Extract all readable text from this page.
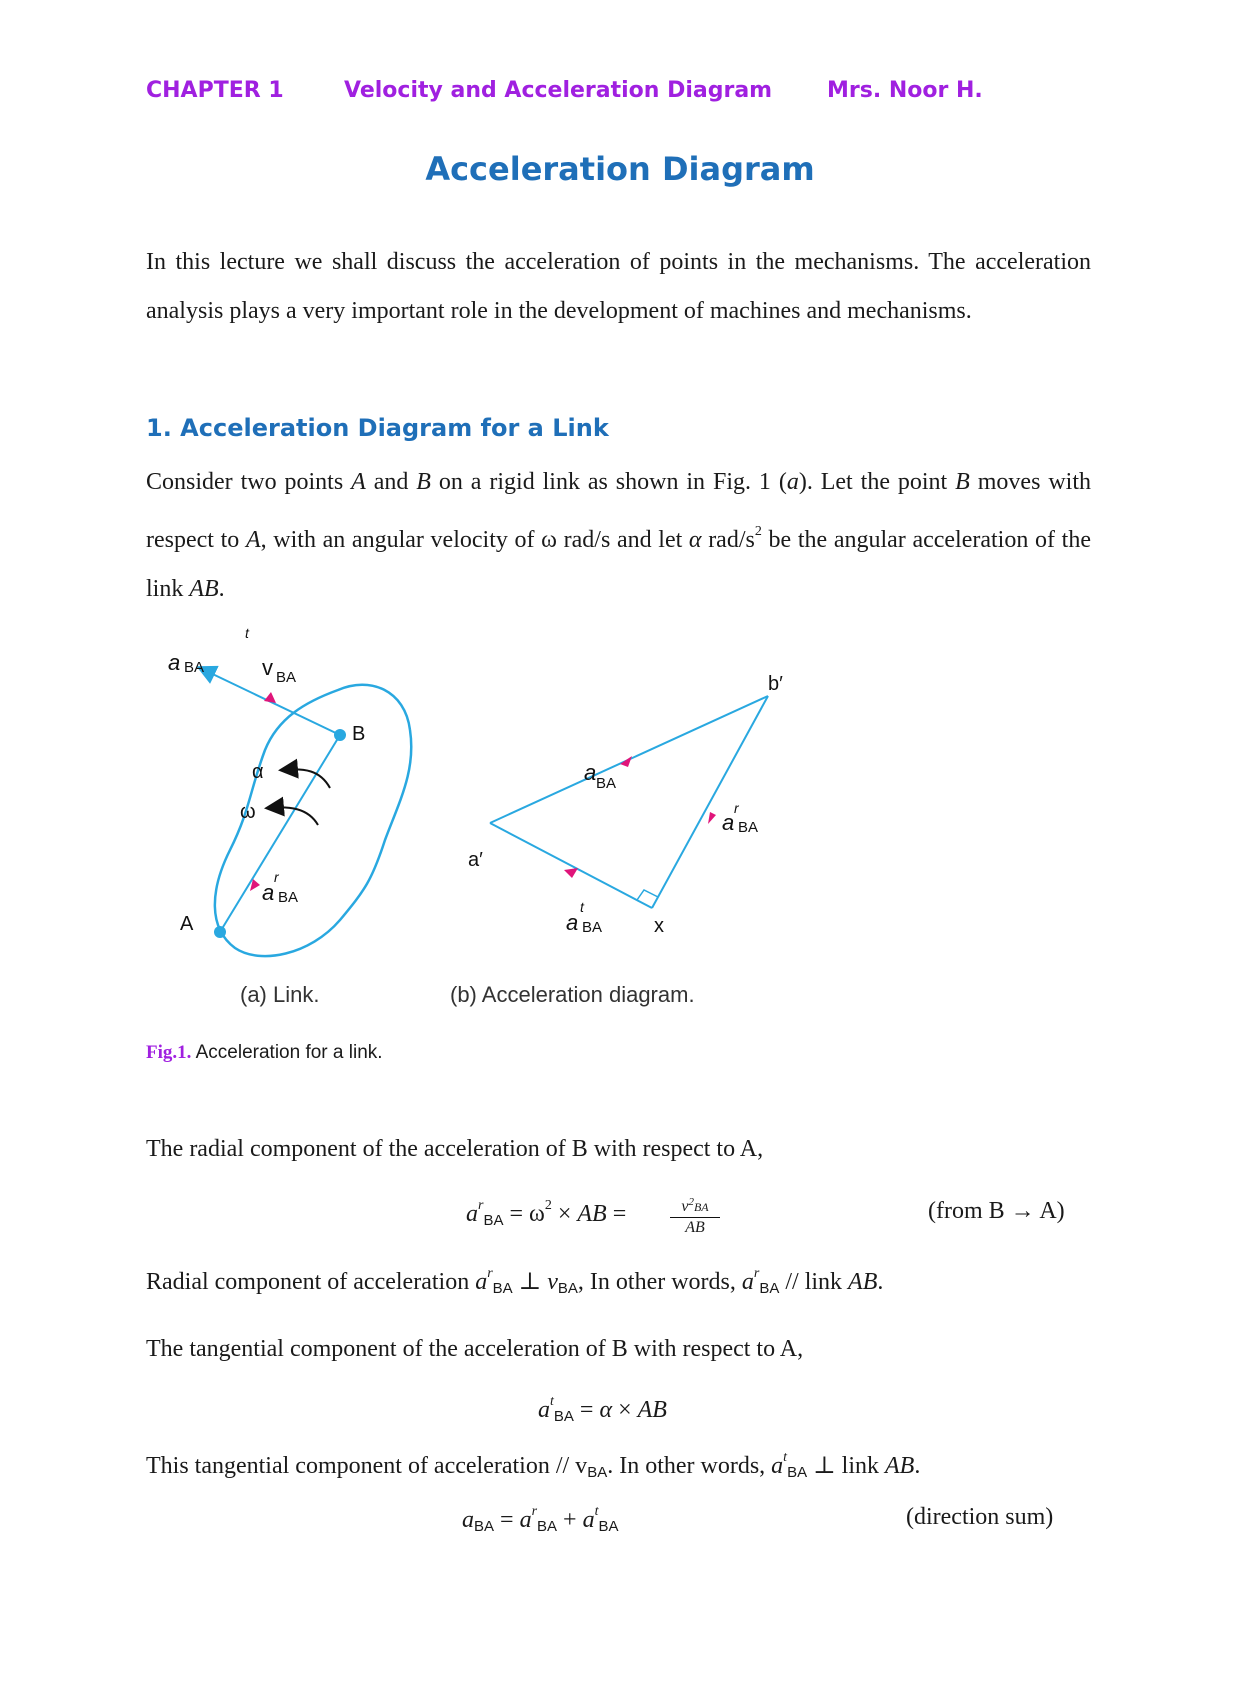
CHAPTER 1	Velocity and Acceleration Diagram Mrs. Noor H.
Acceleration Diagram

In this lecture we shall discuss the acceleration of points in the mechanisms. The acceleration analysis plays a very important role in the development of machines and mechanisms.

1. Acceleration Diagram for a Link

Consider two points A and B on a rigid link as shown in Fig. 1 (a). Let the point B moves with respect to A, with an angular velocity of ω rad/s and let α rad/$s^2$ be the angular acceleration of the link AB.

A
B
α
ω
t
a BA	v BA
r
a BA
a′
b′
x
a BA
r
a BA
t
a BA
(a) Link.	(b) Acceleration diagram.
Fig.1. Acceleration for a link.
The radial component of the acceleration of B with respect to A,
$a^r_{BA} = \omega^2$ × AB =	$v^2BA$
AB
(from B → A)
Radial component of acceleration $a^r_{BA}$ ⊥ $v_{BA}$, In other words, $a^r_{BA}$ // link AB.
The tangential component of the acceleration of B with respect to A,
$a^t_{BA} = \alpha$ × AB
This tangential component of acceleration // $v_{BA}$. In other words, $a^t_{BA}$ ⊥ link AB.
$a_{BA} = a^r_{BA} + a^t_{BA}$	(direction sum)
